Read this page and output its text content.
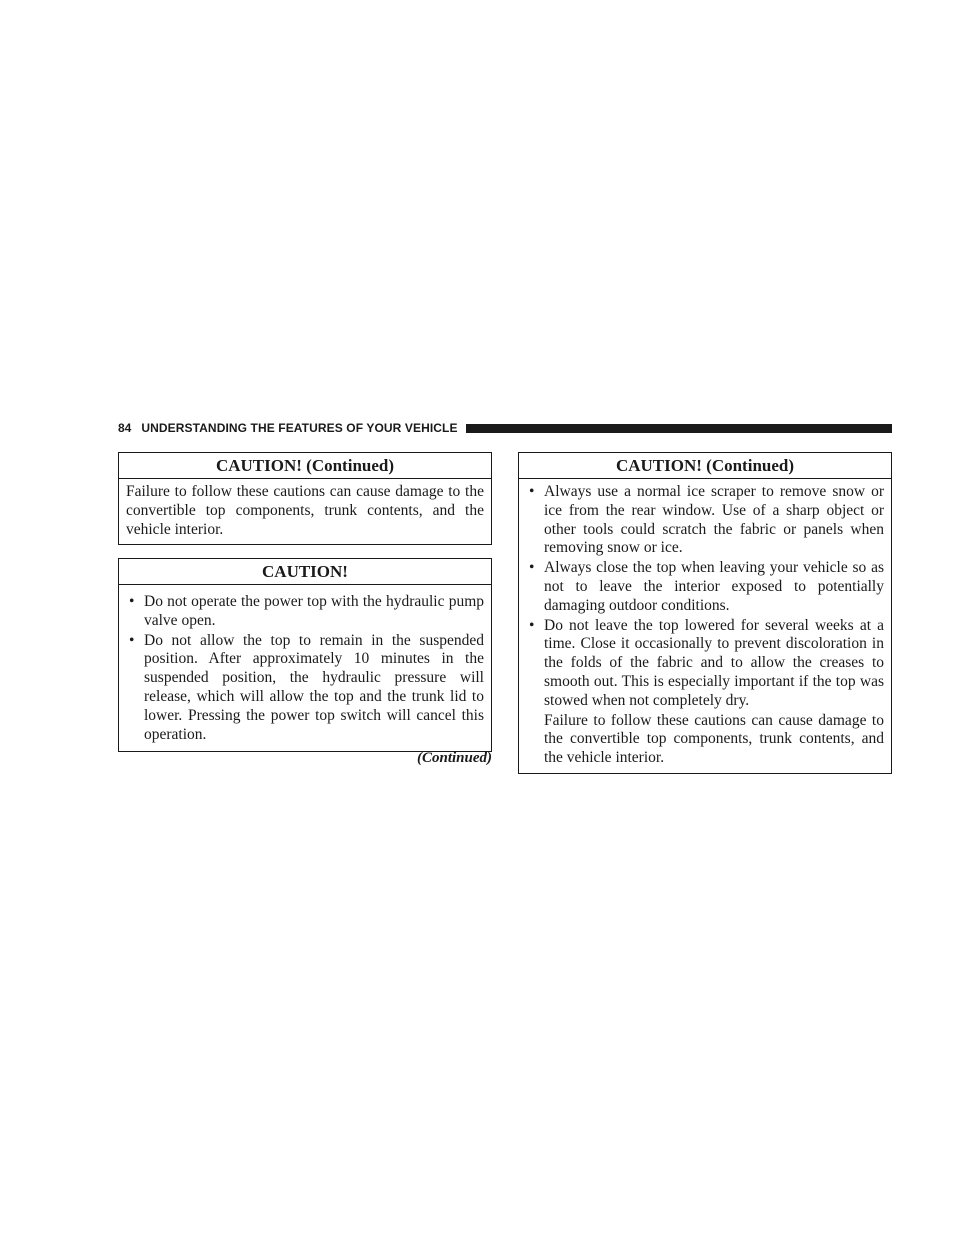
84 UNDERSTANDING THE FEATURES OF YOUR VEHICLE
CAUTION! (Continued)

Failure to follow these cautions can cause damage to the convertible top components, trunk contents, and the vehicle interior.

CAUTION!
• Do not operate the power top with the hydraulic pump valve open.
• Do not allow the top to remain in the suspended position. After approximately 10 minutes in the suspended position, the hydraulic pressure will release, which will allow the top and the trunk lid to lower. Pressing the power top switch will cancel this operation.
(Continued)
CAUTION! (Continued)
• Always use a normal ice scraper to remove snow or ice from the rear window. Use of a sharp object or other tools could scratch the fabric or panels when removing snow or ice.
• Always close the top when leaving your vehicle so as not to leave the interior exposed to potentially damaging outdoor conditions.
• Do not leave the top lowered for several weeks at a time. Close it occasionally to prevent discoloration in the folds of the fabric and to allow the creases to smooth out. This is especially important if the top was stowed when not completely dry.

Failure to follow these cautions can cause damage to the convertible top components, trunk contents, and the vehicle interior.
